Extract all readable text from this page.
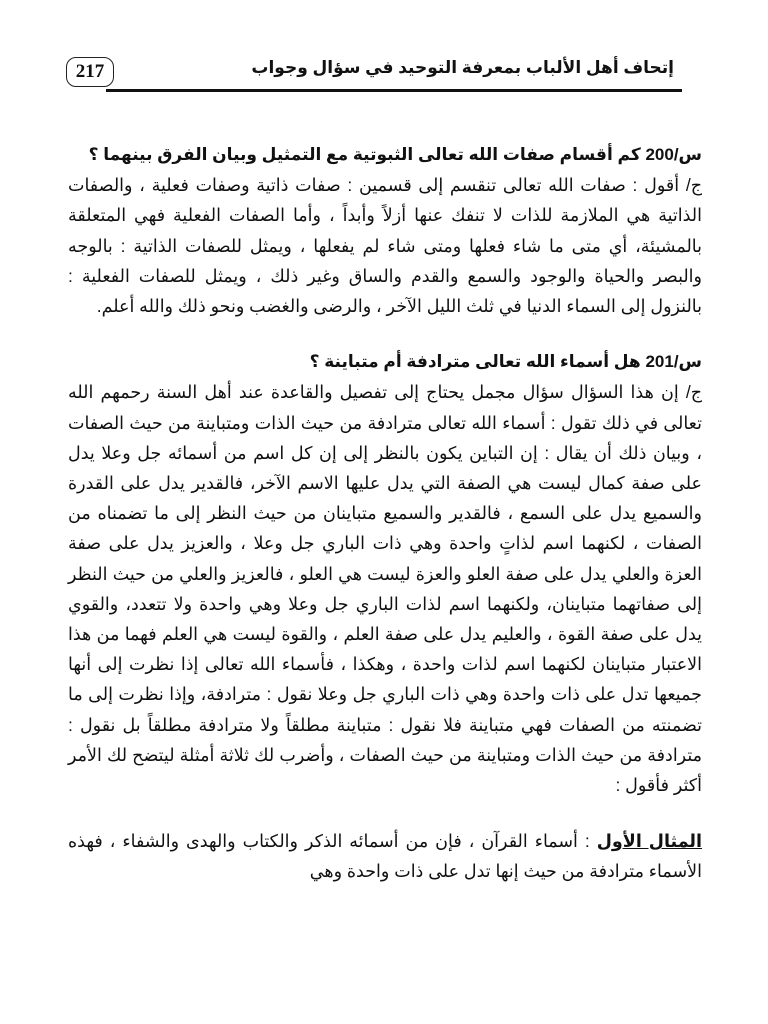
217	إتحاف أهل الألباب بمعرفة التوحيد في سؤال وجواب

س/200 كم أقسام صفات الله تعالى الثبوتية مع التمثيل وبيان الفرق بينهما ؟

ج/ أقول : صفات الله تعالى تنقسم إلى قسمين : صفات ذاتية وصفات فعلية ، والصفات الذاتية هي الملازمة للذات لا تنفك عنها أزلاً وأبداً ، وأما الصفات الفعلية فهي المتعلقة بالمشيئة، أي متى ما شاء فعلها ومتى شاء لم يفعلها ، ويمثل للصفات الذاتية : بالوجه والبصر والحياة والوجود والسمع والقدم والساق وغير ذلك ، ويمثل للصفات الفعلية : بالنزول إلى السماء الدنيا في ثلث الليل الآخر ، والرضى والغضب ونحو ذلك والله أعلم.

س/201 هل أسماء الله تعالى مترادفة أم متباينة ؟

ج/ إن هذا السؤال سؤال مجمل يحتاج إلى تفصيل والقاعدة عند أهل السنة رحمهم الله تعالى في ذلك تقول : أسماء الله تعالى مترادفة من حيث الذات ومتباينة من حيث الصفات ، وبيان ذلك أن يقال : إن التباين يكون بالنظر إلى إن كل اسم من أسمائه جل وعلا يدل على صفة كمال ليست هي الصفة التي يدل عليها الاسم الآخر، فالقدير يدل على القدرة والسميع يدل على السمع ، فالقدير والسميع متباينان من حيث النظر إلى ما تضمناه من الصفات ، لكنهما اسم لذاتٍ واحدة وهي ذات الباري جل وعلا ، والعزيز يدل على صفة العزة والعلي يدل على صفة العلو والعزة ليست هي العلو ، فالعزيز والعلي من حيث النظر إلى صفاتهما متباينان، ولكنهما اسم لذات الباري جل وعلا وهي واحدة ولا تتعدد، والقوي يدل على صفة القوة ، والعليم يدل على صفة العلم ، والقوة ليست هي العلم فهما من هذا الاعتبار متباينان لكنهما اسم لذات واحدة ، وهكذا ، فأسماء الله تعالى إذا نظرت إلى أنها جميعها تدل على ذات واحدة وهي ذات الباري جل وعلا نقول : مترادفة، وإذا نظرت إلى ما تضمنته من الصفات فهي متباينة فلا نقول : متباينة مطلقاً ولا مترادفة مطلقاً بل نقول : مترادفة من حيث الذات ومتباينة من حيث الصفات ، وأضرب لك ثلاثة أمثلة ليتضح لك الأمر أكثر فأقول :

المثال الأول : أسماء القرآن ، فإن من أسمائه الذكر والكتاب والهدى والشفاء ، فهذه الأسماء مترادفة من حيث إنها تدل على ذات واحدة وهي
